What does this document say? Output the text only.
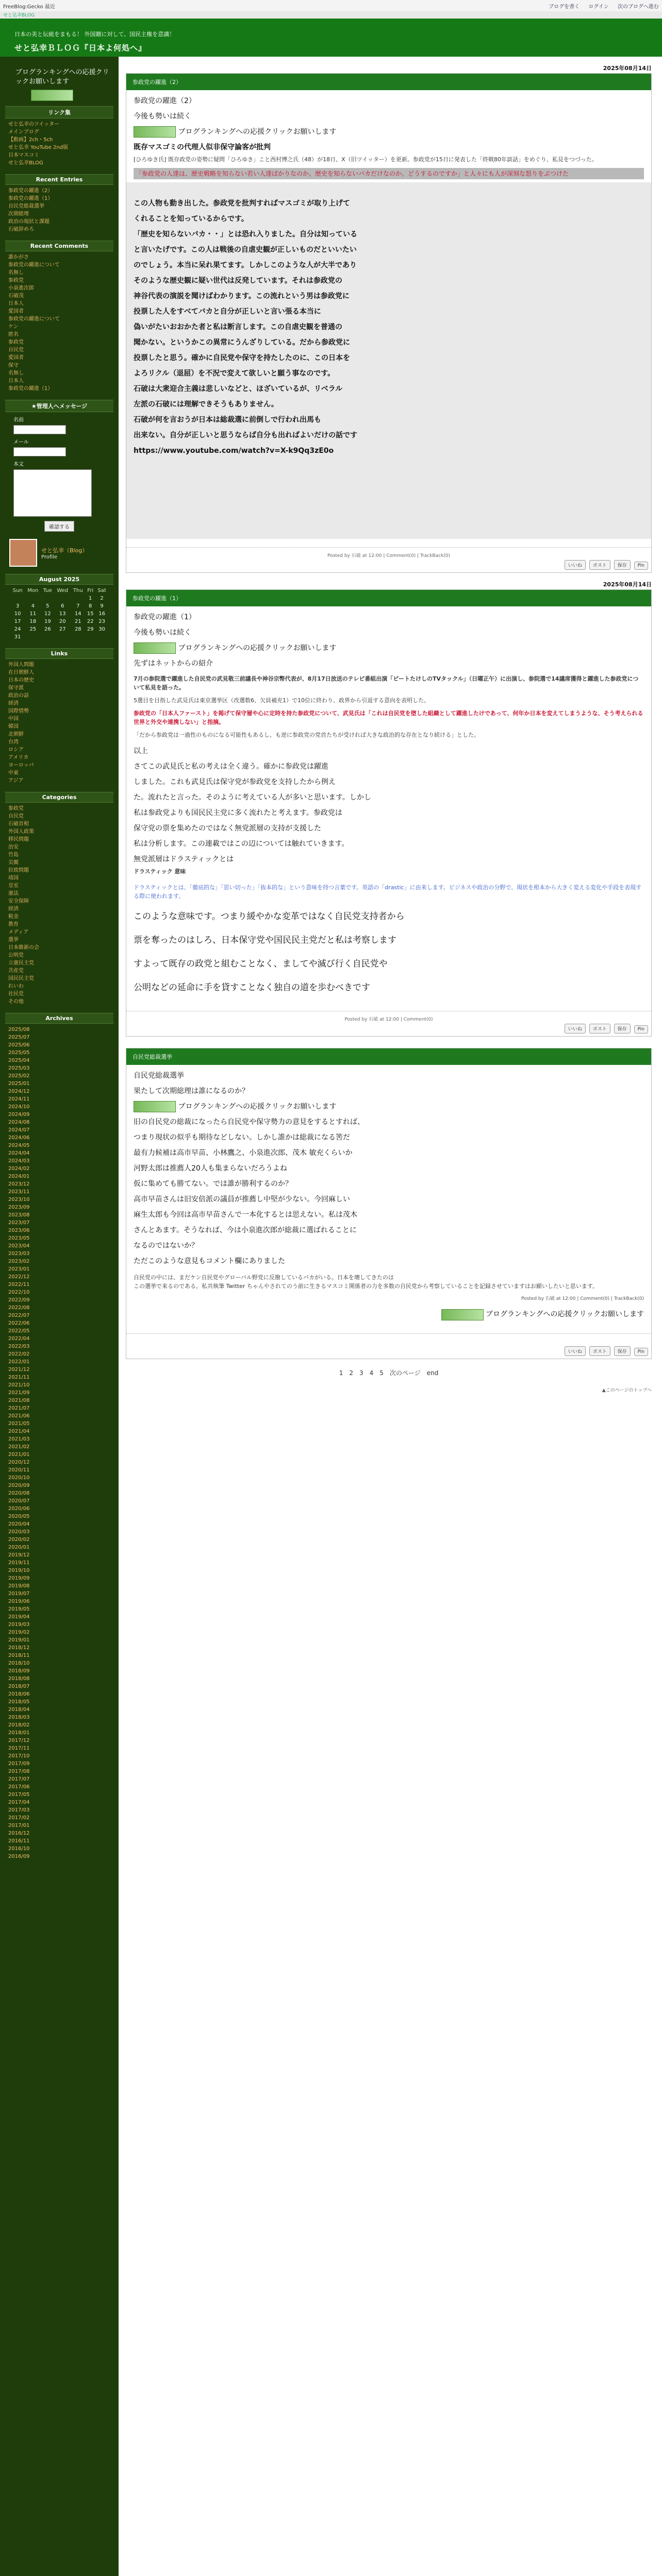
FreeBlog:Gecko 最近	ブログを書く ログイン 次のブログへ進む
せと弘幸BLOG
日本の美と伝統をまもる！ 外国籍に対して、国民主権を意識！
せと弘幸ＢＬＯＧ『日本よ何処へ』
ブログランキングへの応援クリックお願いします
リンク集
せと弘幸のツイッター
メインブログ
【動画】2ch・5ch
せと弘幸 YouTube 2nd版
日本マスコミ
せと弘幸BLOG
Recent Entries
参政党の躍進（2）
参政党の躍進（1）
自民党総裁選挙
次期総理
政治の現状と課題
石破辞めろ
Recent Comments
誰かがさ
参政党の躍進について
名無し
参政党
小泉進次郎
石破茂
日本人
愛国者
参政党の躍進について
ケン
匿名
参政党
自民党
愛国者
保守
名無し
日本人
参政党の躍進（1）
★管理人へメッセージ
名前
メール
本文
確認する
せと弘幸（Blog）
Profile
August 2025
Sun	Mon	Tue	Wed	Thu	Fri	Sat
					1	2
3	4	5	6	7	8	9
10	11	12	13	14	15	16
17	18	19	20	21	22	23
24	25	26	27	28	29	30
31						
Links
外国人問題
在日朝鮮人
日本の歴史
保守派
政治の話
経済
国際情勢
中国
韓国
北朝鮮
台湾
ロシア
アメリカ
ヨーロッパ
中東
アジア
Categories
参政党
自民党
石破首相
外国人政策
移民問題
治安
竹島
尖閣
拉致問題
靖国
皇室
憲法
安全保障
経済
税金
教育
メディア
選挙
日本維新の会
公明党
立憲民主党
共産党
国民民主党
れいわ
社民党
その他
Archives
2025/08
2025/07
2025/06
2025/05
2025/04
2025/03
2025/02
2025/01
2024/12
2024/11
2024/10
2024/09
2024/08
2024/07
2024/06
2024/05
2024/04
2024/03
2024/02
2024/01
2023/12
2023/11
2023/10
2023/09
2023/08
2023/07
2023/06
2023/05
2023/04
2023/03
2023/02
2023/01
2022/12
2022/11
2022/10
2022/09
2022/08
2022/07
2022/06
2022/05
2022/04
2022/03
2022/02
2022/01
2021/12
2021/11
2021/10
2021/09
2021/08
2021/07
2021/06
2021/05
2021/04
2021/03
2021/02
2021/01
2020/12
2020/11
2020/10
2020/09
2020/08
2020/07
2020/06
2020/05
2020/04
2020/03
2020/02
2020/01
2019/12
2019/11
2019/10
2019/09
2019/08
2019/07
2019/06
2019/05
2019/04
2019/03
2019/02
2019/01
2018/12
2018/11
2018/10
2018/09
2018/08
2018/07
2018/06
2018/05
2018/04
2018/03
2018/02
2018/01
2017/12
2017/11
2017/10
2017/09
2017/08
2017/07
2017/06
2017/05
2017/04
2017/03
2017/02
2017/01
2016/12
2016/11
2016/10
2016/09
2025年08月14日
参政党の躍進（2）
参政党の躍進（2）
今後も勢いは続く
ブログランキングへの応援クリックお願いします
既存マスゴミの代理人似非保守論客が批判
[ひろゆき氏] 既存政党の姿勢に疑問「ひろゆき」こと西村博之氏（48）が18日、X（旧ツイッター）を更新。参政党が15日に発表した「終戦80年談話」をめぐり、私見をつづった。
「参政党の人達は、歴史戦略を知らない若い人達ばかりなのか。歴史を知らないバカだけなのか。どうするのですか」と人々にも人が深刻な怒りをぶつけた
この人物も動き出した。参政党を批判すればマスゴミが取り上げて
くれることを知っているからです。
「歴史を知らないバカ・・」とは恐れ入りました。自分は知っている
と言いたげです。この人は戦後の自虐史観が正しいものだといいたい
のでしょう。本当に呆れ果てます。しかしこのような人が大半であり
そのような歴史観に疑い世代は反発しています。それは参政党の
神谷代表の演説を聞けばわかります。この流れという男は参政党に
投票した人をすべてバカと自分が正しいと言い張る本当に
偽いがたいおおかた者と私は断言します。この自虐史観を普通の
聞かない。というかこの異常にうんざりしている。だから参政党に
投票したと思う。確かに自民党や保守を持たしたのに、この日本を
よろリクル（退屈）を不況で変えて欲しいと願う事なのです。
石破は大衆迎合主義は悲しいなどと、ほざいているが、リベラル
左派の石破には理解できそうもありません。
石破が何を言おうが日本は総裁選に前倒しで行われ出馬も
出来ない。自分が正しいと思うならば自分も出ればよいだけの話です
https://www.youtube.com/watch?v=X-k9Qq3zE0o
Posted by 石破 at 12:00 | Comment(0) | TrackBack(0)
いいね ポスト 保存 Pin
2025年08月14日
参政党の躍進（1）
参政党の躍進（1）
今後も勢いは続く
ブログランキングへの応援クリックお願いします
先ずはネットからの紹介
7月の参院選で躍進した自民党の武見敬三前議長や神谷宗幣代表が、8月17日放送のテレビ番組出演「ビートたけしのTVタックル」（日曜正午）に出演し、参院選で14議席獲得と躍進した参政党について私見を語った。
5選目を目指した武見氏は東京選挙区（改選数6、欠員補充1）で10位に終わり、政界から引退する意向を表明した。
参政党の「日本人ファースト」を掲げて保守層や心に定時を持た参政党について、武見氏は「これは自民党を堕した組織として躍進したけであって、何年か日本を変えてしまうような、そう考えられる世界と外交や連携しない」と指摘。
「だから参政党は一過性のものになる可能性もあるし、も逆に参政党の党首たちが受ければ大きな政治的な存在となり続ける」とした。
以上
さてこの武見氏と私の考えは全く違う。確かに参政党は躍進
しました。これも武見氏は保守党が参政党を支持したから例え
た。流れたと言った。そのように考えている人が多いと思います。しかし
私は参政党よりも国民民主党に多く流れたと考えます。参政党は
保守党の票を集めたのではなく無党派層の支持が支援した
私は分析します。この連載ではこの辺については触れていきます。
無党派層はドラスティックとは
ドラスティック 意味
ドラスティックとは、「徹底的な」「思い切った」「抜本的な」という意味を持つ言葉です。英語の「drastic」に由来します。ビジネスや政治の分野で、現状を根本から大きく変える変化や手段を表現する際に使われます。
このような意味です。つまり緩やかな変革ではなく自民党支持者から
票を奪ったのはしろ、日本保守党や国民民主党だと私は考察します
すよって既存の政党と組むことなく、ましてや滅び行く自民党や
公明などの延命に手を貸すことなく独自の道を歩むべきです
Posted by 石破 at 12:00 | Comment(0)
いいね ポスト 保存 Pin
自民党総裁選挙
自民党総裁選挙
果たして次期総理は誰になるのか？
ブログランキングへの応援クリックお願いします
旧の自民党の総裁になったら自民党や保守勢力の意見をするとすれば、
つまり現状の似乎も期待などしない。しかし誰かは総裁になる筈だ
最有力候補は高市早苗、小林鷹之、小泉進次郎、茂木 敏充くらいか
河野太郎は推薦人20人も集まらないだろうよね
仮に集めても勝てない。では誰が勝利するのか？
高市早苗さんは旧安倍派の議員が推薦し中堅が少ない。今回麻しい
麻生太郎も今回は高市早苗さんで一本化するとは思えない。私は茂木
さんとあます。そうなれば、今は小泉進次郎が総裁に選ばれることに
なるのではないか？
ただこのような意見もコメント欄にありました
自民党の中には、まだケン自民党やグローバル野党に反撥しているバカがいる。日本を壊してきたのは
この選挙で来るのである。私共執筆 Twitter ちゃんやされてのう前に生きるマスコミ関係者の力を多数の自民党から考察していることを記録させていますはお願いしたいと思います。
Posted by 石破 at 12:00 | Comment(0) | TrackBack(0)
ブログランキングへの応援クリックお願いします
いいね ポスト 保存 Pin
1 2 3 4 5 次のページ end
▲このページのトップへ
